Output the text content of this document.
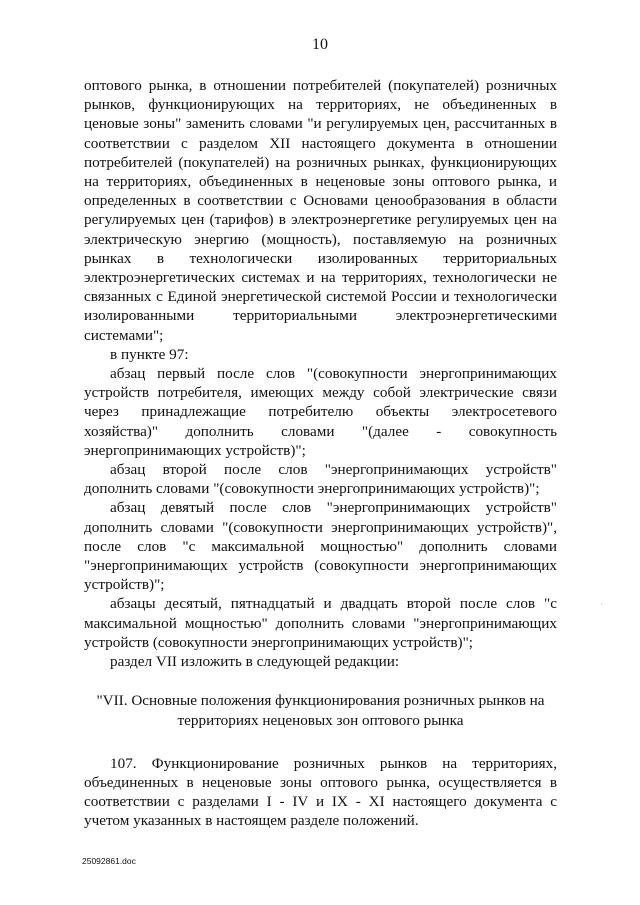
10

оптового рынка, в отношении потребителей (покупателей) розничных рынков, функционирующих на территориях, не объединенных в ценовые зоны" заменить словами "и регулируемых цен, рассчитанных в соответствии с разделом XII настоящего документа в отношении потребителей (покупателей) на розничных рынках, функционирующих на территориях, объединенных в неценовые зоны оптового рынка, и определенных в соответствии с Основами ценообразования в области регулируемых цен (тарифов) в электроэнергетике регулируемых цен на электрическую энергию (мощность), поставляемую на розничных рынках в технологически изолированных территориальных электроэнергетических системах и на территориях, технологически не связанных с Единой энергетической системой России и технологически изолированными территориальными электроэнергетическими системами";

в пункте 97:

абзац первый после слов "(совокупности энергопринимающих устройств потребителя, имеющих между собой электрические связи через принадлежащие потребителю объекты электросетевого хозяйства)" дополнить словами "(далее - совокупность энергопринимающих устройств)";

абзац второй после слов "энергопринимающих устройств" дополнить словами "(совокупности энергопринимающих устройств)";

абзац девятый после слов "энергопринимающих устройств" дополнить словами "(совокупности энергопринимающих устройств)", после слов "с максимальной мощностью" дополнить словами "энергопринимающих устройств (совокупности энергопринимающих устройств)";

абзацы десятый, пятнадцатый и двадцать второй после слов "с максимальной мощностью" дополнить словами "энергопринимающих устройств (совокупности энергопринимающих устройств)";

раздел VII изложить в следующей редакции:

"VII. Основные положения функционирования розничных рынков на территориях неценовых зон оптового рынка

107. Функционирование розничных рынков на территориях, объединенных в неценовые зоны оптового рынка, осуществляется в соответствии с разделами I - IV и IX - XI настоящего документа с учетом указанных в настоящем разделе положений.

·
25092861.doc
